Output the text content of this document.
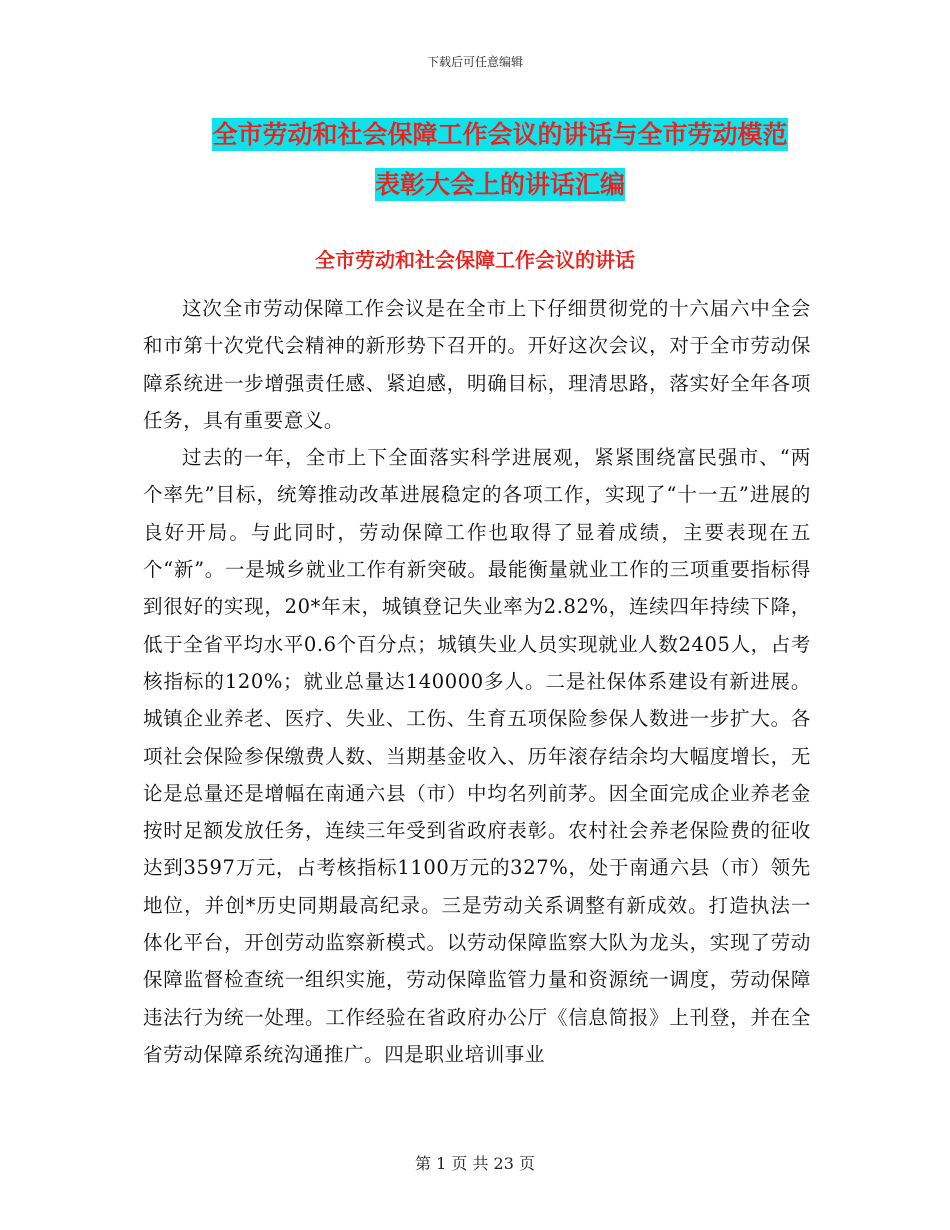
下载后可任意编辑
全市劳动和社会保障工作会议的讲话与全市劳动模范
表彰大会上的讲话汇编
全市劳动和社会保障工作会议的讲话

这次全市劳动保障工作会议是在全市上下仔细贯彻党的十六届六中全会和市第十次党代会精神的新形势下召开的。开好这次会议，对于全市劳动保障系统进一步增强责任感、紧迫感，明确目标，理清思路，落实好全年各项任务，具有重要意义。

过去的一年，全市上下全面落实科学进展观，紧紧围绕富民强市、“两个率先”目标，统筹推动改革进展稳定的各项工作，实现了“十一五”进展的良好开局。与此同时，劳动保障工作也取得了显着成绩，主要表现在五个“新”。一是城乡就业工作有新突破。最能衡量就业工作的三项重要指标得到很好的实现，20*年末，城镇登记失业率为2.82%，连续四年持续下降，低于全省平均水平0.6个百分点；城镇失业人员实现就业人数2405人，占考核指标的120%；就业总量达140000多人。二是社保体系建设有新进展。城镇企业养老、医疗、失业、工伤、生育五项保险参保人数进一步扩大。各项社会保险参保缴费人数、当期基金收入、历年滚存结余均大幅度增长，无论是总量还是增幅在南通六县（市）中均名列前茅。因全面完成企业养老金按时足额发放任务，连续三年受到省政府表彰。农村社会养老保险费的征收达到3597万元，占考核指标1100万元的327%，处于南通六县（市）领先地位，并创*历史同期最高纪录。三是劳动关系调整有新成效。打造执法一体化平台，开创劳动监察新模式。以劳动保障监察大队为龙头，实现了劳动保障监督检查统一组织实施，劳动保障监管力量和资源统一调度，劳动保障违法行为统一处理。工作经验在省政府办公厅《信息简报》上刊登，并在全省劳动保障系统沟通推广。四是职业培训事业

第 1 页 共 23 页
